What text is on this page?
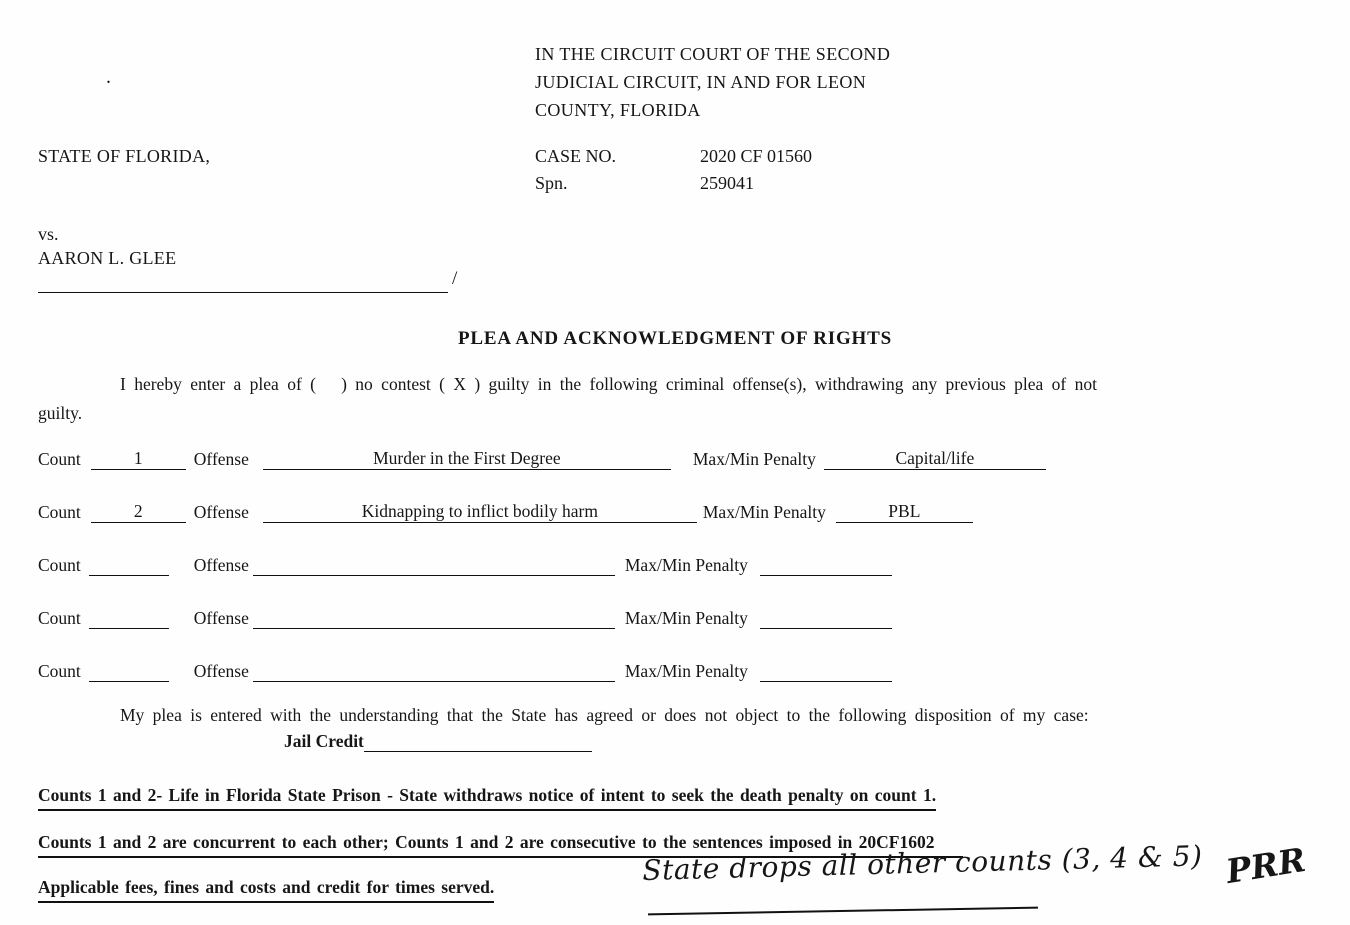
.
IN THE CIRCUIT COURT OF THE SECOND
JUDICIAL CIRCUIT, IN AND FOR LEON
COUNTY, FLORIDA
STATE OF FLORIDA,	CASE NO.	2020 CF 01560
Spn.	259041
vs.
AARON L. GLEE
/
PLEA AND ACKNOWLEDGMENT OF RIGHTS
I hereby enter a plea of (   ) no contest ( X ) guilty in the following criminal offense(s), withdrawing any previous plea of not
guilty.
Count	1	Offense	Murder in the First Degree	Max/Min Penalty	Capital/life
Count	2	Offense	Kidnapping to inflict bodily harm	Max/Min Penalty	PBL
Count	Offense	Max/Min Penalty
Count	Offense	Max/Min Penalty
Count	Offense	Max/Min Penalty
My plea is entered with the understanding that the State has agreed or does not object to the following disposition of my case:
Jail Credit
Counts 1 and 2- Life in Florida State Prison - State withdraws notice of intent to seek the death penalty on count 1.
Counts 1 and 2 are concurrent to each other; Counts 1 and 2 are consecutive to the sentences imposed in 20CF1602
Applicable fees, fines and costs and credit for times served.
State drops all other counts (3, 4 & 5) PRR
